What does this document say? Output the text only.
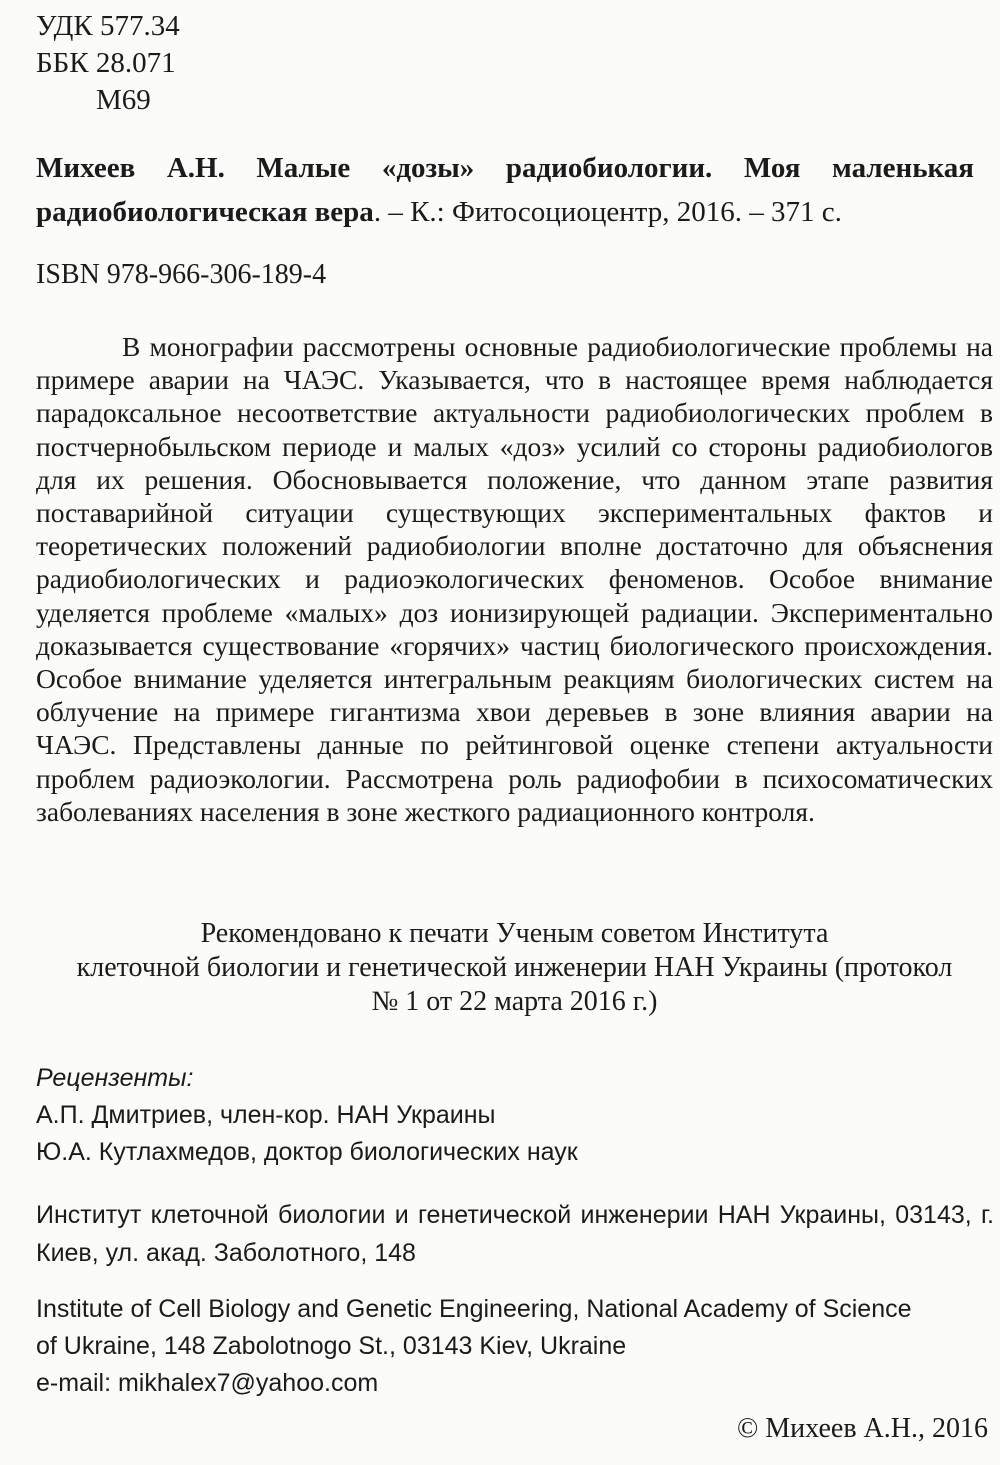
УДК 577.34
ББК 28.071
М69

Михеев А.Н. Малые «дозы» радиобиологии. Моя маленькая радиобиологическая вера. – К.: Фитосоциоцентр, 2016. – 371 с.

ISBN 978-966-306-189-4

В монографии рассмотрены основные радиобиологические проблемы на примере аварии на ЧАЭС. Указывается, что в настоящее время наблюдается парадоксальное несоответствие актуальности радиобиологических проблем в постчернобыльском периоде и малых «доз» усилий со стороны радиобиологов для их решения. Обосновывается положение, что данном этапе развития поставарийной ситуации существующих экспериментальных фактов и теоретических положений радиобиологии вполне достаточно для объяснения радиобиологических и радиоэкологических феноменов. Особое внимание уделяется проблеме «малых» доз ионизирующей радиации. Экспериментально доказывается существование «горячих» частиц биологического происхождения. Особое внимание уделяется интегральным реакциям биологических систем на облучение на примере гигантизма хвои деревьев в зоне влияния аварии на ЧАЭС. Представлены данные по рейтинговой оценке степени актуальности проблем радиоэкологии. Рассмотрена роль радиофобии в психосоматических заболеваниях населения в зоне жесткого радиационного контроля.

Рекомендовано к печати Ученым советом Института
клеточной биологии и генетической инженерии НАН Украины (протокол
№ 1 от 22 марта 2016 г.)
Рецензенты:
А.П. Дмитриев, член-кор. НАН Украины
Ю.А. Кутлахмедов, доктор биологических наук

Институт клеточной биологии и генетической инженерии НАН Украины, 03143, г. Киев, ул. акад. Заболотного, 148

Institute of Cell Biology and Genetic Engineering, National Academy of Science
of Ukraine, 148 Zabolotnogo St., 03143 Kiev, Ukraine
e-mail: mikhalex7@yahoo.com
© Михеев А.Н., 2016
